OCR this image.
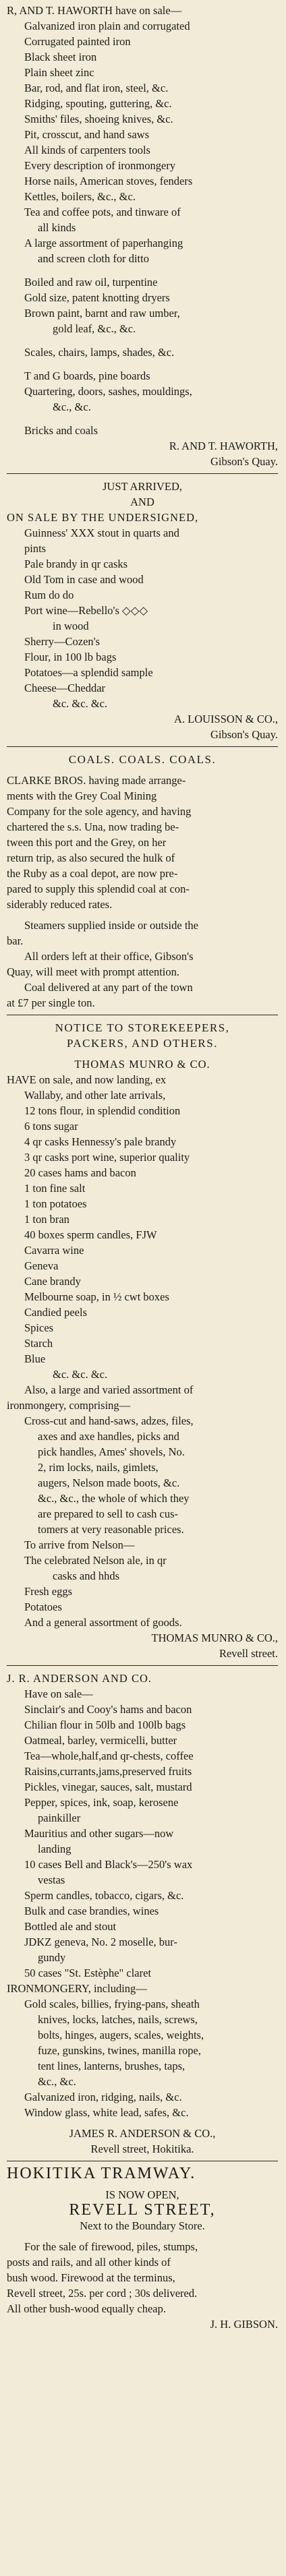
R, AND T. HAWORTH have on sale—
Galvanized iron plain and corrugated
Corrugated painted iron
Black sheet iron
Plain sheet zinc
Bar, rod, and flat iron, steel, &c.
Ridging, spouting, guttering, &c.
Smiths' files, shoeing knives, &c.
Pit, crosscut, and hand saws
All kinds of carpenters tools
Every description of ironmongery
Horse nails, American stoves, fenders
Kettles, boilers, &c., &c.
Tea and coffee pots, and tinware of
all kinds
A large assortment of paperhanging
and screen cloth for ditto
Boiled and raw oil, turpentine
Gold size, patent knotting dryers
Brown paint, barnt and raw umber,
gold leaf, &c., &c.
Scales, chairs, lamps, shades, &c.
T and G boards, pine boards
Quartering, doors, sashes, mouldings,
&c., &c.
Bricks and coals
R. AND T. HAWORTH,
Gibson's Quay.
JUST ARRIVED,
AND
ON SALE BY THE UNDERSIGNED,
Guinness' XXX stout in quarts and
pints
Pale brandy in qr casks
Old Tom in case and wood
Rum do do
Port wine—Rebello's ◇◇◇
in wood
Sherry—Cozen's
Flour, in 100 lb bags
Potatoes—a splendid sample
Cheese—Cheddar
&c. &c. &c.
A. LOUISSON & CO.,
Gibson's Quay.
COALS. COALS. COALS.
CLARKE BROS. having made arrange-
ments with the Grey Coal Mining
Company for the sole agency, and having
chartered the s.s. Una, now trading be-
tween this port and the Grey, on her
return trip, as also secured the hulk of
the Ruby as a coal depot, are now pre-
pared to supply this splendid coal at con-
siderably reduced rates.
Steamers supplied inside or outside the
bar.
All orders left at their office, Gibson's
Quay, will meet with prompt attention.
Coal delivered at any part of the town
at £7 per single ton.
NOTICE TO STOREKEEPERS,
PACKERS, AND OTHERS.
THOMAS MUNRO & CO.
HAVE on sale, and now landing, ex
Wallaby, and other late arrivals,
12 tons flour, in splendid condition
6 tons sugar
4 qr casks Hennessy's pale brandy
3 qr casks port wine, superior quality
20 cases hams and bacon
1 ton fine salt
1 ton potatoes
1 ton bran
40 boxes sperm candles, FJW
Cavarra wine
Geneva
Cane brandy
Melbourne soap, in ½ cwt boxes
Candied peels
Spices
Starch
Blue
&c. &c. &c.
Also, a large and varied assortment of
ironmongery, comprising—
Cross-cut and hand-saws, adzes, files,
axes and axe handles, picks and
pick handles, Ames' shovels, No.
2, rim locks, nails, gimlets,
augers, Nelson made boots, &c.
&c., &c., the whole of which they
are prepared to sell to cash cus-
tomers at very reasonable prices.
To arrive from Nelson—
The celebrated Nelson ale, in qr
casks and hhds
Fresh eggs
Potatoes
And a general assortment of goods.
THOMAS MUNRO & CO.,
Revell street.
J. R. ANDERSON AND CO.
Have on sale—
Sinclair's and Cooy's hams and bacon
Chilian flour in 50lb and 100lb bags
Oatmeal, barley, vermicelli, butter
Tea—whole,half,and qr-chests, coffee
Raisins,currants,jams,preserved fruits
Pickles, vinegar, sauces, salt, mustard
Pepper, spices, ink, soap, kerosene
painkiller
Mauritius and other sugars—now
landing
10 cases Bell and Black's—250's wax
vestas
Sperm candles, tobacco, cigars, &c.
Bulk and case brandies, wines
Bottled ale and stout
JDKZ geneva, No. 2 moselle, bur-
gundy
50 cases "St. Estèphe" claret
IRONMONGERY, including—
Gold scales, billies, frying-pans, sheath
knives, locks, latches, nails, screws,
bolts, hinges, augers, scales, weights,
fuze, gunskins, twines, manilla rope,
tent lines, lanterns, brushes, taps,
&c., &c.
Galvanized iron, ridging, nails, &c.
Window glass, white lead, safes, &c.
JAMES R. ANDERSON & CO.,
Revell street, Hokitika.
HOKITIKA TRAMWAY.
IS NOW OPEN,
REVELL STREET,
Next to the Boundary Store.
For the sale of firewood, piles, stumps,
posts and rails, and all other kinds of
bush wood. Firewood at the terminus,
Revell street, 25s. per cord ; 30s delivered.
All other bush-wood equally cheap.
J. H. GIBSON.
